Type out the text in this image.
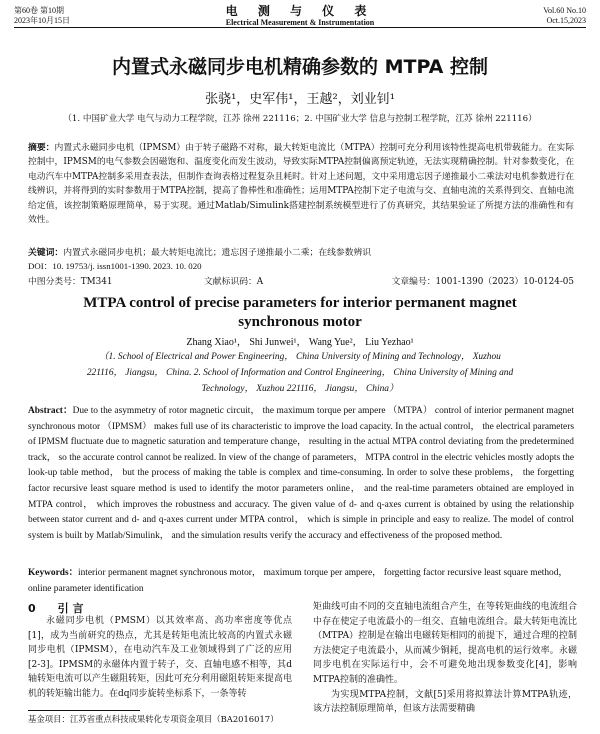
第60卷 第10期
2023年10月15日
电 测 与 仪 表
Electrical Measurement & Instrumentation
Vol.60 No.10
Oct.15,2023
内置式永磁同步电机精确参数的 MTPA 控制
张骁¹，史军伟¹，王越²，刘业钊¹
（1. 中国矿业大学 电气与动力工程学院，江苏 徐州 221116；2. 中国矿业大学 信息与控制工程学院，江苏 徐州 221116）
摘要：内置式永磁同步电机（IPMSM）由于转子磁路不对称，最大转矩电流比（MTPA）控制可充分利用该特性提高电机带载能力。在实际控制中，IPMSM的电气参数会因磁饱和、温度变化而发生波动，导致实际MTPA控制偏离预定轨迹，无法实现精确控制。针对参数变化，在电动汽车中MTPA控制多采用查表法，但制作查询表格过程复杂且耗时。针对上述问题，文中采用遗忘因子递推最小二乘法对电机参数进行在线辨识，并将得到的实时参数用于MTPA控制，提高了鲁棒性和准确性；运用MTPA控制下定子电流与交、直轴电流的关系得到交、直轴电流给定值，该控制策略原理简单，易于实现。通过Matlab/Simulink搭建控制系统模型进行了仿真研究，其结果验证了所提方法的准确性和有效性。
关键词：内置式永磁同步电机；最大转矩电流比；遗忘因子递推最小二乘；在线参数辨识
DOI：10. 19753/j. issn1001-1390. 2023. 10. 020
中图分类号：TM341	文献标识码：A	文章编号：1001-1390（2023）10-0124-05
MTPA control of precise parameters for interior permanent magnet
synchronous motor
Zhang Xiao¹， Shi Junwei¹， Wang Yue²， Liu Yezhao¹
（1. School of Electrical and Power Engineering， China University of Mining and Technology， Xuzhou 221116， Jiangsu， China. 2. School of Information and Control Engineering， China University of Mining and Technology， Xuzhou 221116， Jiangsu， China）
Abstract：Due to the asymmetry of rotor magnetic circuit， the maximum torque per ampere （MTPA） control of interior permanent magnet synchronous motor （IPMSM） makes full use of its characteristic to improve the load capacity. In the actual control， the electrical parameters of IPMSM fluctuate due to magnetic saturation and temperature change， resulting in the actual MTPA control deviating from the predetermined track， so the accurate control cannot be realized. In view of the change of parameters， MTPA control in the electric vehicles mostly adopts the look-up table method， but the process of making the table is complex and time-consuming. In order to solve these problems， the forgetting factor recursive least square method is used to identify the motor parameters online， and the real-time parameters obtained are employed in MTPA control， which improves the robustness and accuracy. The given value of d- and q-axes current is obtained by using the relationship between stator current and d- and q-axes current under MTPA control， which is simple in principle and easy to realize. The model of control system is built by Matlab/Simulink， and the simulation results verify the accuracy and effectiveness of the proposed method.
Keywords：interior permanent magnet synchronous motor， maximum torque per ampere， forgetting factor recursive least square method， online parameter identification
0 引 言
永磁同步电机（PMSM）以其效率高、高功率密度等优点[1]，成为当前研究的热点，尤其是转矩电流比较高的内置式永磁同步电机（IPMSM），在电动汽车及工业领域得到了广泛的应用[2-3]。IPMSM的永磁体内置于转子，交、直轴电感不相等，其d轴转矩电流可以产生磁阻转矩，因此可充分利用磁阻转矩来提高电机的转矩输出能力。在dq同步旋转坐标系下，一条等转

矩曲线可由不同的交直轴电流组合产生，在等转矩曲线的电流组合中存在使定子电流最小的一组交、直轴电流组合。最大转矩电流比（MTPA）控制是在输出电磁转矩相同的前提下，通过合理的控制方法使定子电流最小，从而减少铜耗，提高电机的运行效率。永磁同步电机在实际运行中，会不可避免地出现参数变化[4]，影响MTPA控制的准确性。

为实现MTPA控制，文献[5]采用将拟算法计算MTPA轨迹，该方法控制原理简单，但该方法需要精确

基金项目：江苏省重点科技成果转化专项资金项目（BA2016017）
